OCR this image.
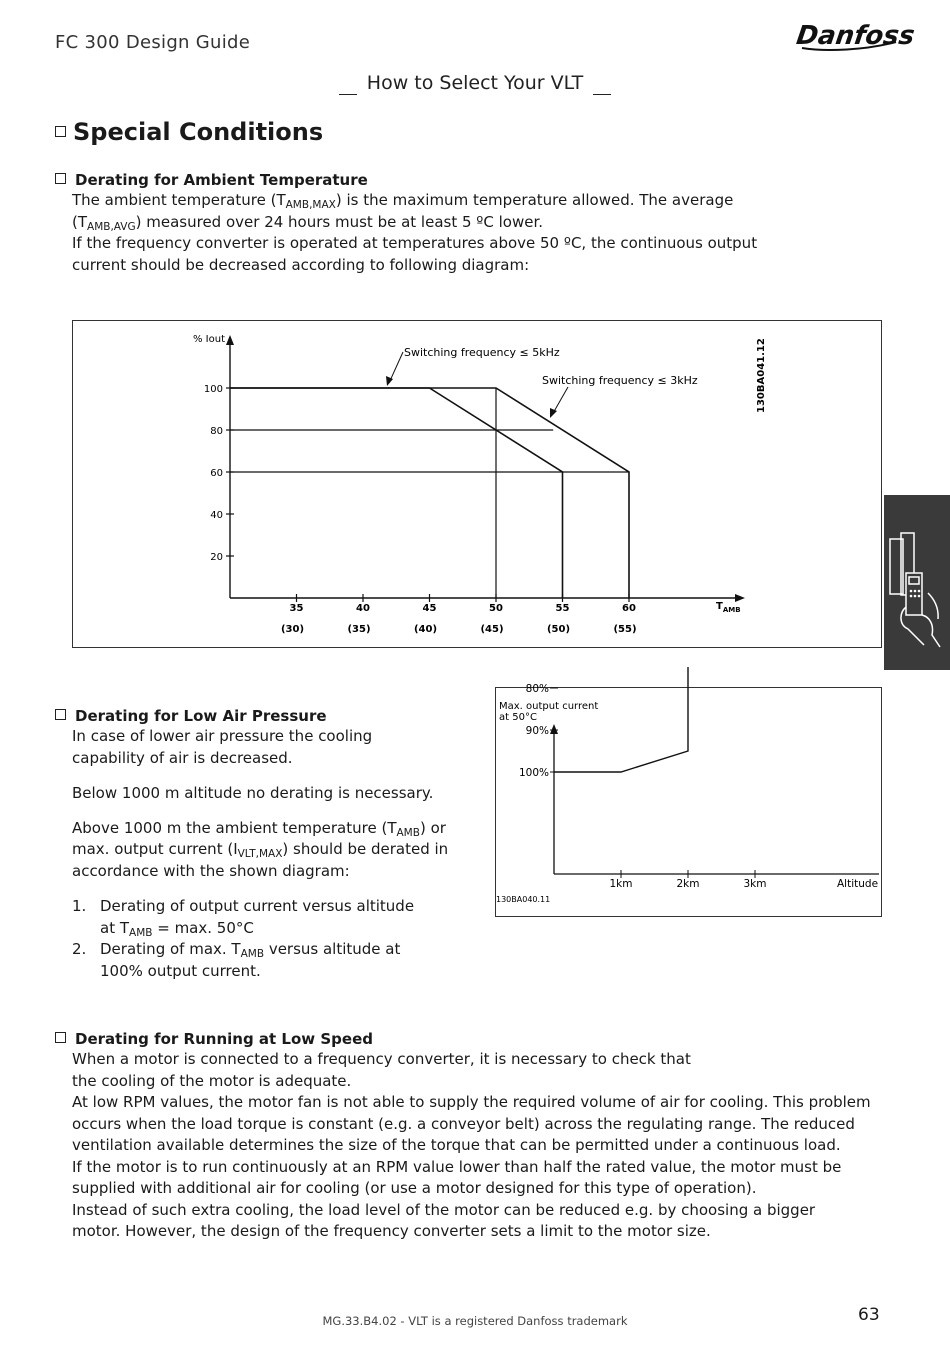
FC 300 Design Guide	Danfoss
How to Select Your VLT
Special Conditions
Derating for Ambient Temperature
The ambient temperature $(T_{AMB,MAX})$ is the maximum temperature allowed. The average
$(T_{AMB,AVG})$ measured over 24 hours must be at least 5 ºC lower.
If the frequency converter is operated at temperatures above 50 ºC, the continuous output current should be decreased according to following diagram:
100
80
60
40
20
35
(30)
40
(35)
45
(40)
50
(45)
55
(50)
60
(55)
% Iout
$T_{AMB}$
130BA041.12
Switching frequency ≤ 5kHz
Switching frequency ≤ 3kHz
Derating for Low Air Pressure
In case of lower air pressure the cooling capability of air is decreased.
Below 1000 m altitude no derating is necessary.
Above 1000 m the ambient temperature $(T_{AMB})$ or max. output current $(I_{VLT,MAX})$ should be derated in accordance with the shown diagram:
1. Derating of output current versus altitude at $T_{AMB} = \max$. 50°C
2. Derating of max. $T_{AMB}$ versus altitude at 100% output current.
Max. output current at 50°C
100%
90%
80%
1km	2km	3km	Altitude
130BA040.11
Derating for Running at Low Speed
When a motor is connected to a frequency converter, it is necessary to check that the cooling of the motor is adequate.
At low RPM values, the motor fan is not able to supply the required volume of air for cooling. This problem occurs when the load torque is constant (e.g. a conveyor belt) across the regulating range. The reduced ventilation available determines the size of the torque that can be permitted under a continuous load.
If the motor is to run continuously at an RPM value lower than half the rated value, the motor must be supplied with additional air for cooling (or use a motor designed for this type of operation).
Instead of such extra cooling, the load level of the motor can be reduced e.g. by choosing a bigger motor. However, the design of the frequency converter sets a limit to the motor size.
MG.33.B4.02 - VLT is a registered Danfoss trademark	63
